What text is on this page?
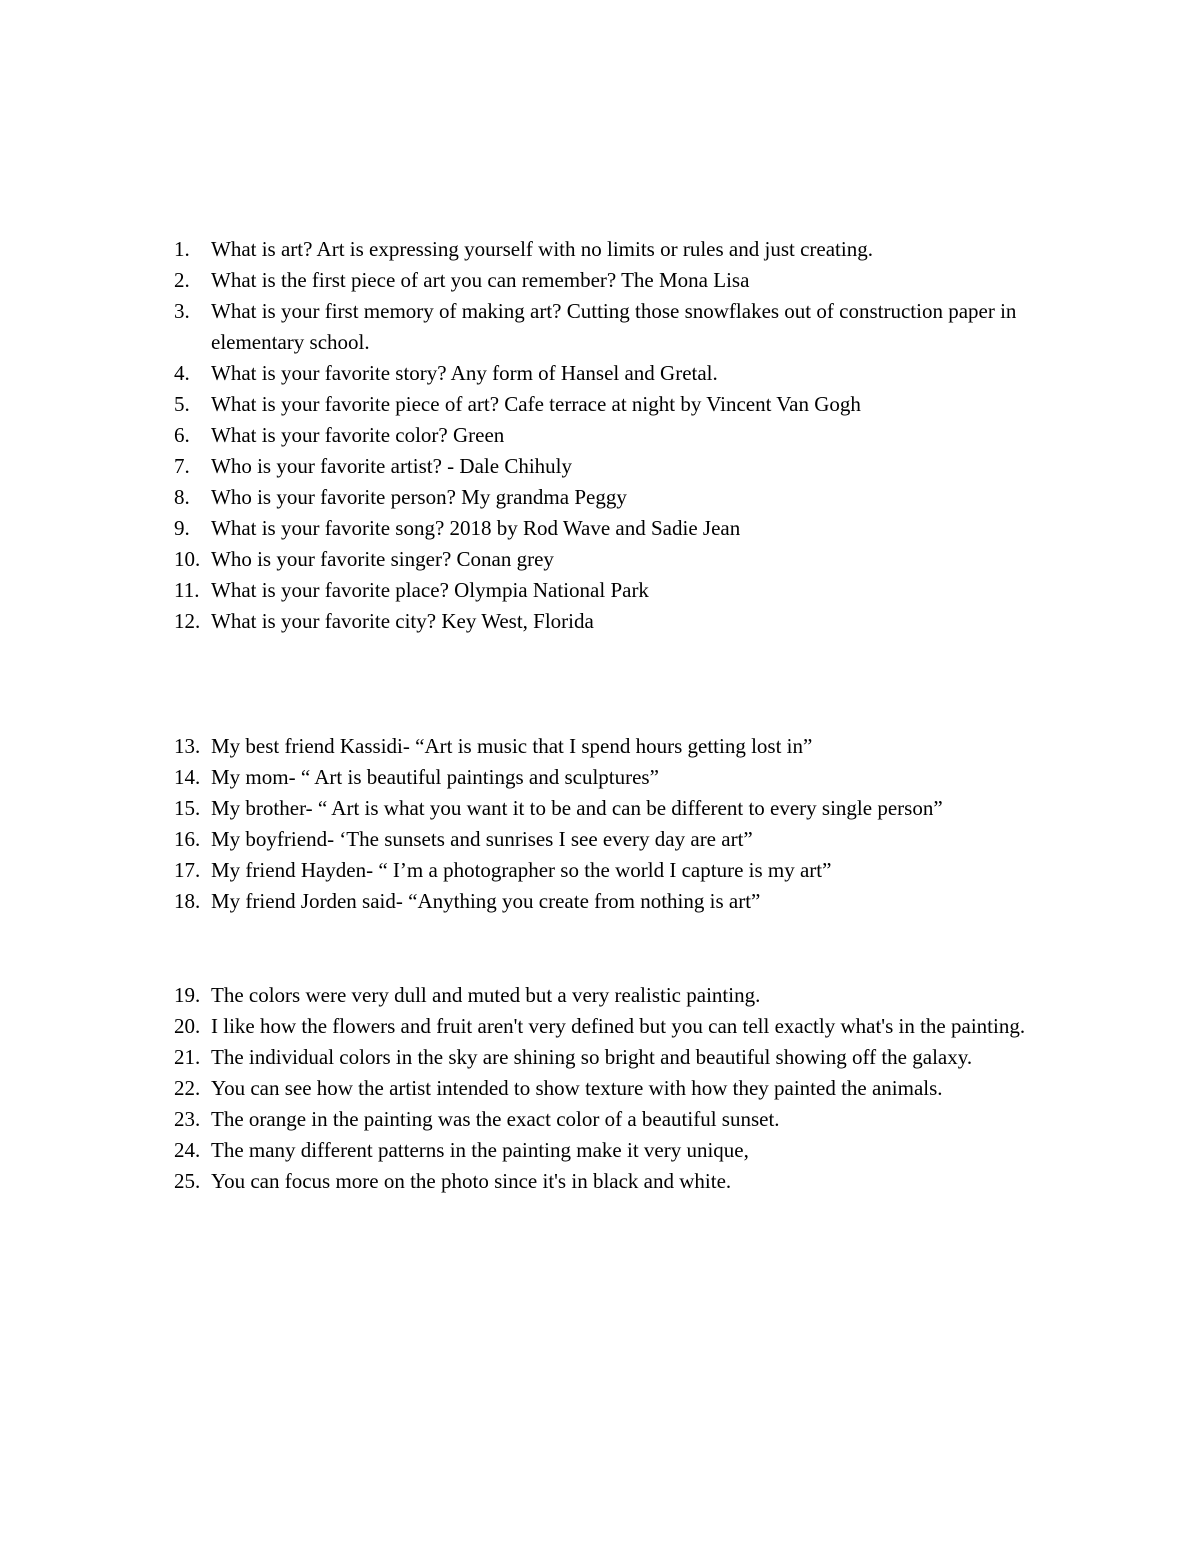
1.	What is art? Art is expressing yourself with no limits or rules and just creating.
2.	What is the first piece of art you can remember? The Mona Lisa
3.	What is your first memory of making art? Cutting those snowflakes out of construction paper in elementary school.
4.	What is your favorite story? Any form of Hansel and Gretal.
5.	What is your favorite piece of art? Cafe terrace at night by Vincent Van Gogh
6.	What is your favorite color? Green
7.	Who is your favorite artist? - Dale Chihuly
8.	Who is your favorite person? My grandma Peggy
9.	What is your favorite song? 2018 by Rod Wave and Sadie Jean
10. Who is your favorite singer? Conan grey
11. What is your favorite place? Olympia National Park
12. What is your favorite city? Key West, Florida
13. My best friend Kassidi- “Art is music that I spend hours getting lost in”
14. My mom- “ Art is beautiful paintings and sculptures”
15. My brother- “ Art is what you want it to be and can be different to every single person”
16. My boyfriend- ‘The sunsets and sunrises I see every day are art”
17. My friend Hayden- “ I’m a photographer so the world I capture is my art”
18. My friend Jorden said- “Anything you create from nothing is art”
19. The colors were very dull and muted but a very realistic painting.
20. I like how the flowers and fruit aren't very defined but you can tell exactly what's in the painting.
21. The individual colors in the sky are shining so bright and beautiful showing off the galaxy.
22. You can see how the artist intended to show texture with how they painted the animals.
23. The orange in the painting was the exact color of a beautiful sunset.
24. The many different patterns in the painting make it very unique,
25. You can focus more on the photo since it's in black and white.
